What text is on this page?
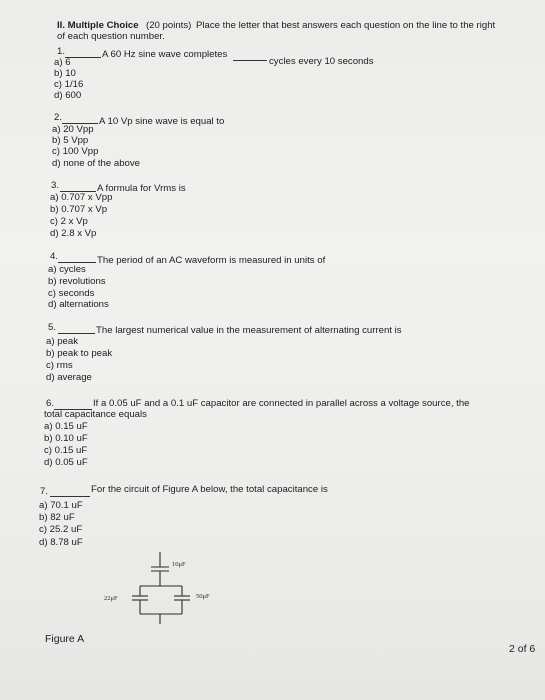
II. Multiple Choice (20 points) Place the letter that best answers each question on the line to the right
of each question number.
1.	A 60 Hz sine wave completes
cycles every 10 seconds
a) 6
b) 10
c) 1/16
d) 600
2.	A 10 Vp sine wave is equal to
a) 20 Vpp
b) 5 Vpp
c) 100 Vpp
d) none of the above
3.	A formula for Vrms is
a) 0.707 x Vpp
b) 0.707 x Vp
c) 2 x Vp
d) 2.8 x Vp
4.	The period of an AC waveform is measured in units of
a) cycles
b) revolutions
c) seconds
d) alternations
5.	The largest numerical value in the measurement of alternating current is
a) peak
b) peak to peak
c) rms
d) average
6.	If a 0.05 uF and a 0.1 uF capacitor are connected in parallel across a voltage source, the
total capacitance equals
a) 0.15 uF
b) 0.10 uF
c) 0.15 uF
d) 0.05 uF
7.	For the circuit of Figure A below, the total capacitance is
a) 70.1 uF
b) 82 uF
c) 25.2 uF
d) 8.78 uF
10μF
22μF	50μF
Figure A
2 of 6
